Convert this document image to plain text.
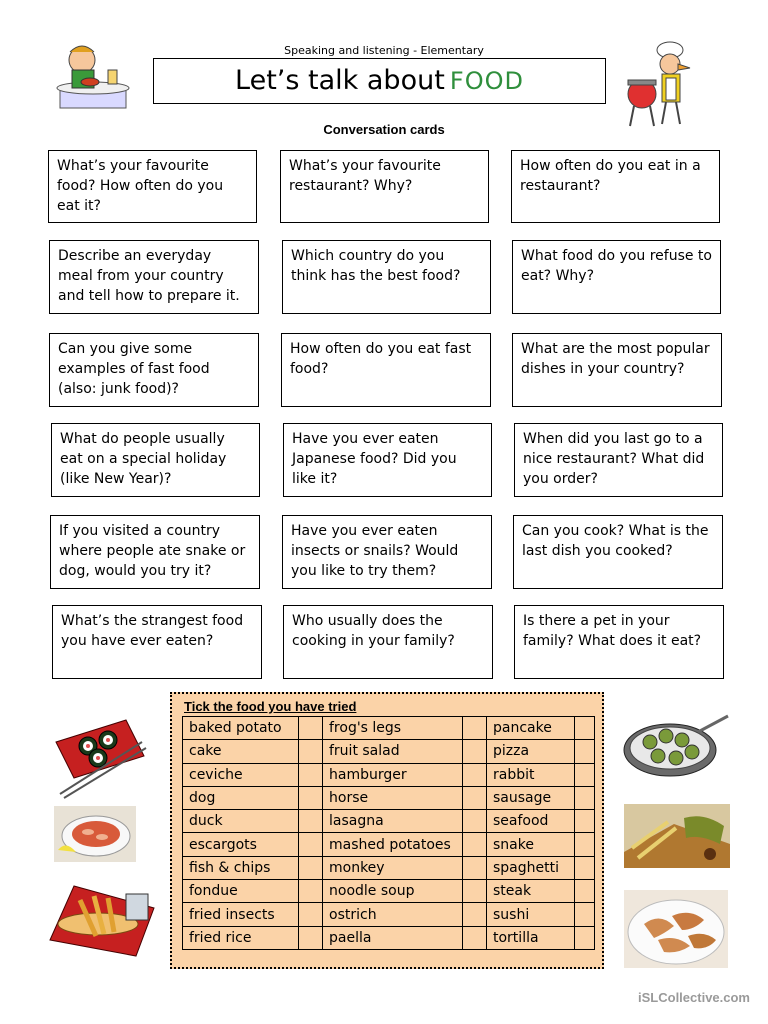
Speaking and listening - Elementary
Let’s talk about FOOD
Conversation cards
What’s your favourite food? How often do you eat it?
What’s your favourite restaurant? Why?
How often do you eat in a restaurant?
Describe an everyday meal from your country and tell how to prepare it.
Which country do you think has the best food?
What food do you refuse to eat? Why?
Can you give some examples of fast food (also: junk food)?
How often do you eat fast food?
What are the most popular dishes in your country?
What do people usually eat on a special holiday (like New Year)?
Have you ever eaten Japanese food? Did you like it?
When did you last go to a nice restaurant? What did you order?
If you visited a country where people ate snake or dog, would you try it?
Have you ever eaten insects or snails? Would you like to try them?
Can you cook? What is the last dish you cooked?
What’s the strangest food you have ever eaten?
Who usually does the cooking in your family?
Is there a pet in your family? What does it eat?
Tick the food you have tried
baked potato		frog's legs		pancake	
cake		fruit salad		pizza	
ceviche		hamburger		rabbit	
dog		horse		sausage	
duck		lasagna		seafood	
escargots		mashed potatoes		snake	
fish & chips		monkey		spaghetti	
fondue		noodle soup		steak	
fried insects		ostrich		sushi	
fried rice		paella		tortilla	
iSLCollective.com
